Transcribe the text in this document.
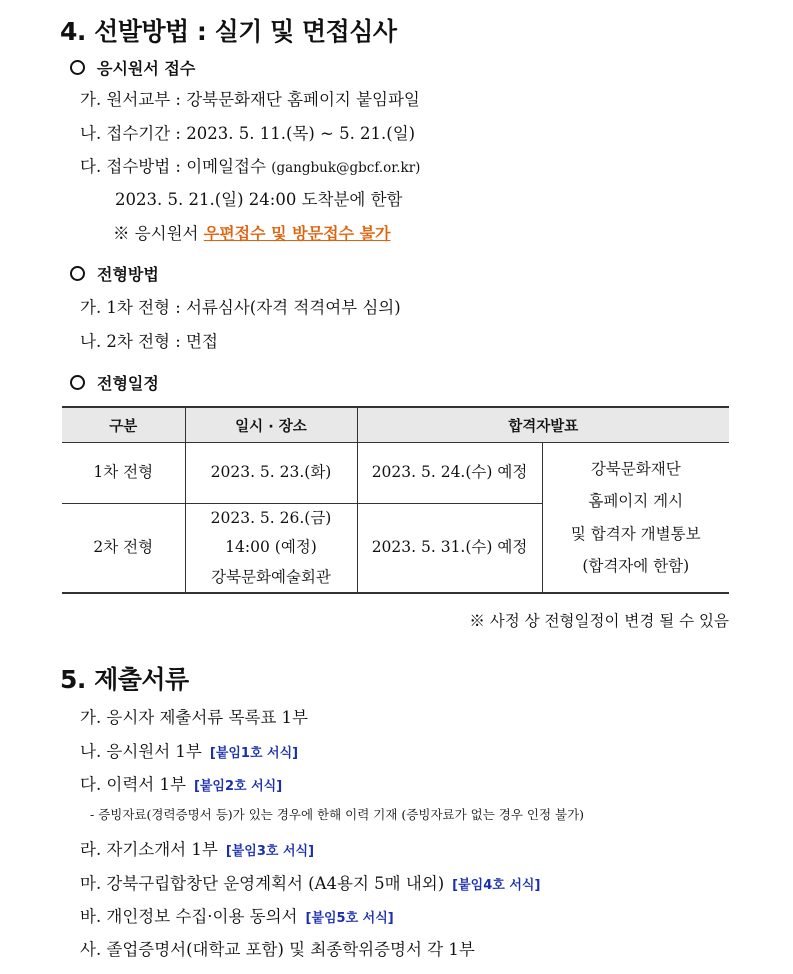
4. 선발방법 : 실기 및 면접심사
응시원서 접수
가. 원서교부 : 강북문화재단 홈페이지 붙임파일
나. 접수기간 : 2023. 5. 11.(목) ~ 5. 21.(일)
다. 접수방법 : 이메일접수 (gangbuk@gbcf.or.kr)
2023. 5. 21.(일) 24:00 도착분에 한함
※ 응시원서 우편접수 및 방문접수 불가
전형방법
가. 1차 전형 : 서류심사(자격 적격여부 심의)
나. 2차 전형 : 면접
전형일정
구분	일시 · 장소	합격자발표	
1차 전형	2023. 5. 23.(화)	2023. 5. 24.(수) 예정	강북문화재단
홈페이지 게시
및 합격자 개별통보
(합격자에 한함)

2차 전형	2023. 5. 26.(금)
14:00 (예정)
강북문화예술회관	2023. 5. 31.(수) 예정	
※ 사정 상 전형일정이 변경 될 수 있음
5. 제출서류
가. 응시자 제출서류 목록표 1부
나. 응시원서 1부 [붙임1호 서식]
다. 이력서 1부 [붙임2호 서식]
- 증빙자료(경력증명서 등)가 있는 경우에 한해 이력 기재 (증빙자료가 없는 경우 인정 불가)
라. 자기소개서 1부 [붙임3호 서식]
마. 강북구립합창단 운영계획서 (A4용지 5매 내외) [붙임4호 서식]
바. 개인정보 수집·이용 동의서 [붙임5호 서식]
사. 졸업증명서(대학교 포함) 및 최종학위증명서 각 1부
